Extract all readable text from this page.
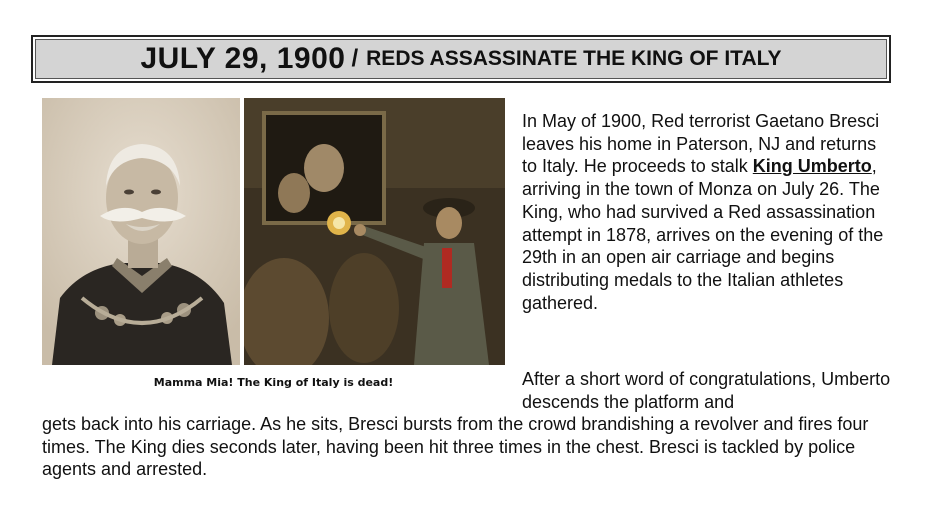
JULY 29, 1900 / REDS ASSASSINATE THE KING OF ITALY
Mamma Mia! The King of Italy is dead!
In May of 1900, Red terrorist Gaetano Bresci leaves his home in Paterson, NJ and returns to Italy. He proceeds to stalk King Umberto, arriving in the town of Monza on July 26. The King, who had survived a Red assassination attempt in 1878, arrives on the evening of the 29th in an open air carriage and begins distributing medals to the Italian athletes gathered.
After a short word of congratulations, Umberto descends the platform and
gets back into his carriage. As he sits, Bresci bursts from the crowd brandishing a revolver and fires four times. The King dies seconds later, having been hit three times in the chest. Bresci is tackled by police agents and arrested.
